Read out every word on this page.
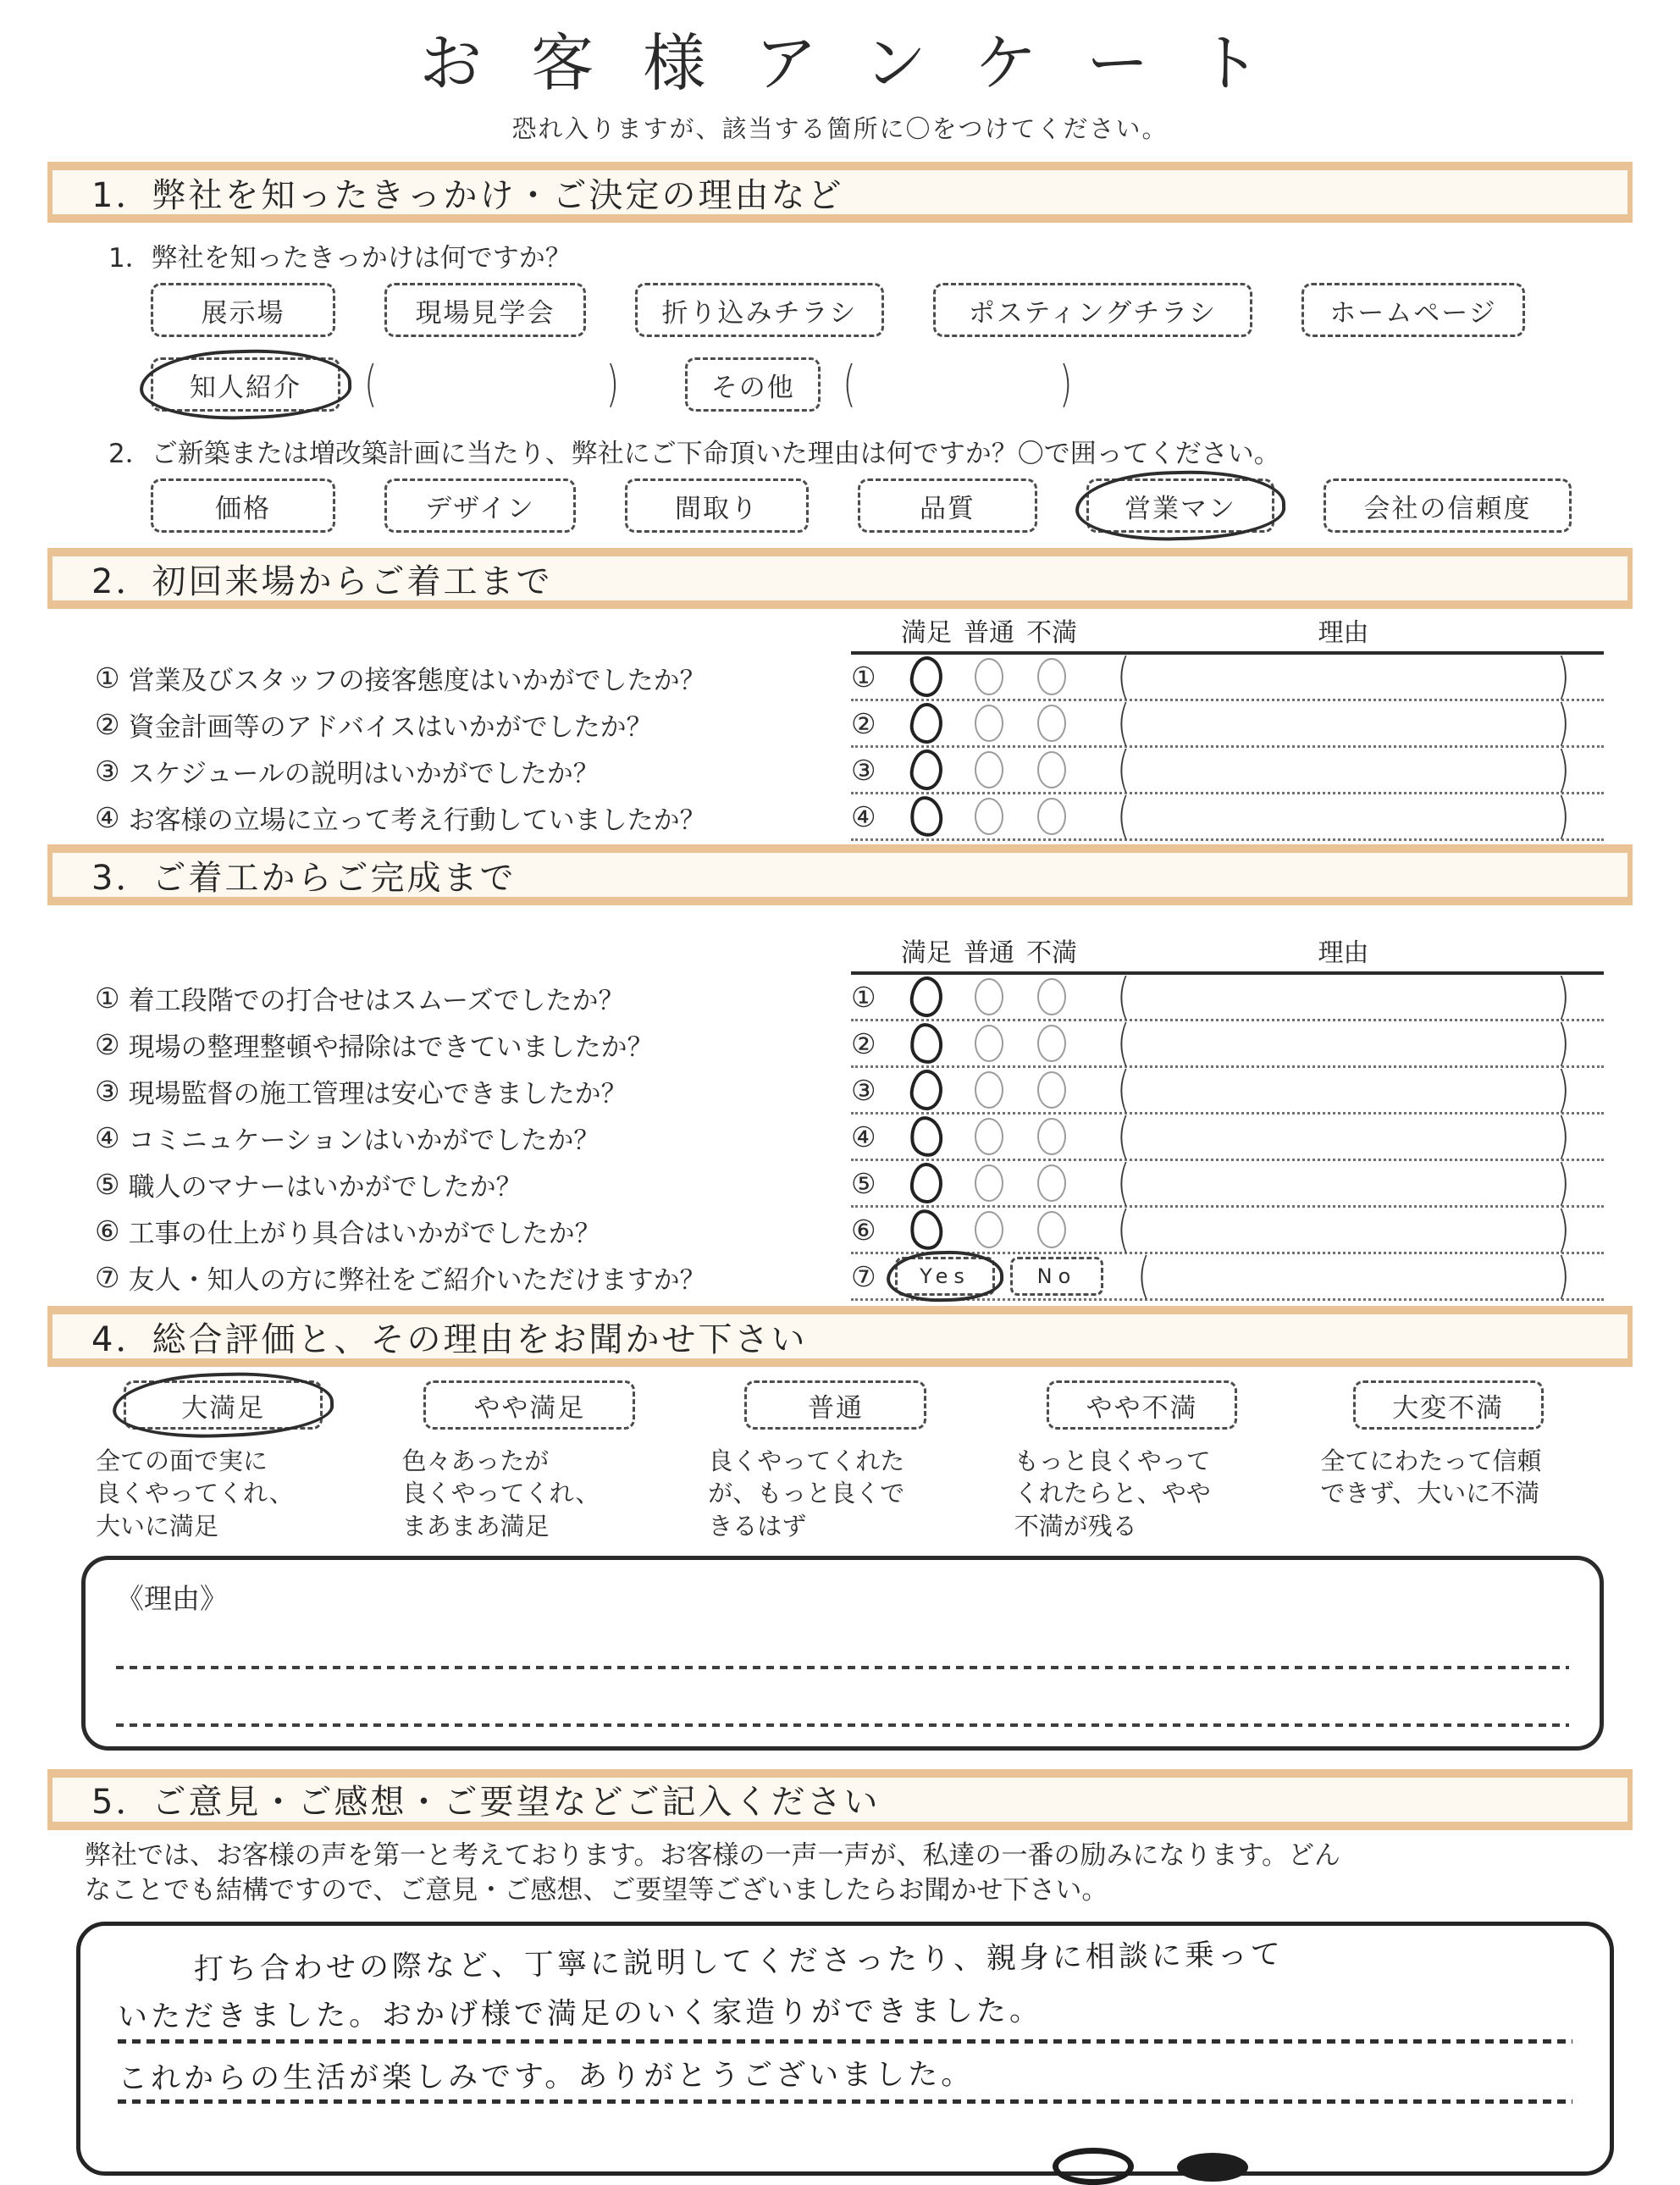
お客様アンケート
恐れ入りますが、該当する箇所に〇をつけてください。
1．弊社を知ったきっかけ・ご決定の理由など
1．弊社を知ったきっかけは何ですか？
展示場	現場見学会	折り込みチラシ	ポスティングチラシ	ホームページ
知人紹介	(	)	その他	(	)
2．ご新築または増改築計画に当たり、弊社にご下命頂いた理由は何ですか？〇で囲ってください。
価格	デザイン	間取り	品質	営業マン	会社の信頼度
2．初回来場からご着工まで
満足 普通 不満	理由
① 営業及びスタッフの接客態度はいかがでしたか？	①	(	)
② 資金計画等のアドバイスはいかがでしたか？	②	(	)
③ スケジュールの説明はいかがでしたか？	③	(	)
④ お客様の立場に立って考え行動していましたか？	④	(	)
3．ご着工からご完成まで
満足 普通 不満	理由
① 着工段階での打合せはスムーズでしたか？	①	(	)
② 現場の整理整頓や掃除はできていましたか？	②	(	)
③ 現場監督の施工管理は安心できましたか？	③	(	)
④ コミニュケーションはいかがでしたか？	④	(	)
⑤ 職人のマナーはいかがでしたか？	⑤	(	)
⑥ 工事の仕上がり具合はいかがでしたか？	⑥	(	)
⑦ 友人・知人の方に弊社をご紹介いただけますか？	⑦	Yes	No	(	)
4．総合評価と、その理由をお聞かせ下さい
大満足
全ての面で実に
良くやってくれ、
大いに満足
やや満足
色々あったが
良くやってくれ、
まあまあ満足
普通
良くやってくれた
が、もっと良くで
きるはず
やや不満
もっと良くやって
くれたらと、やや
不満が残る
大変不満
全てにわたって信頼
できず、大いに不満
《理由》
5．ご意見・ご感想・ご要望などご記入ください
弊社では、お客様の声を第一と考えております。お客様の一声一声が、私達の一番の励みになります。どん
なことでも結構ですので、ご意見・ご感想、ご要望等ございましたらお聞かせ下さい。
打ち合わせの際など、丁寧に説明してくださったり、親身に相談に乗って
いただきました。おかげ様で満足のいく家造りができました。
これからの生活が楽しみです。ありがとうございました。
